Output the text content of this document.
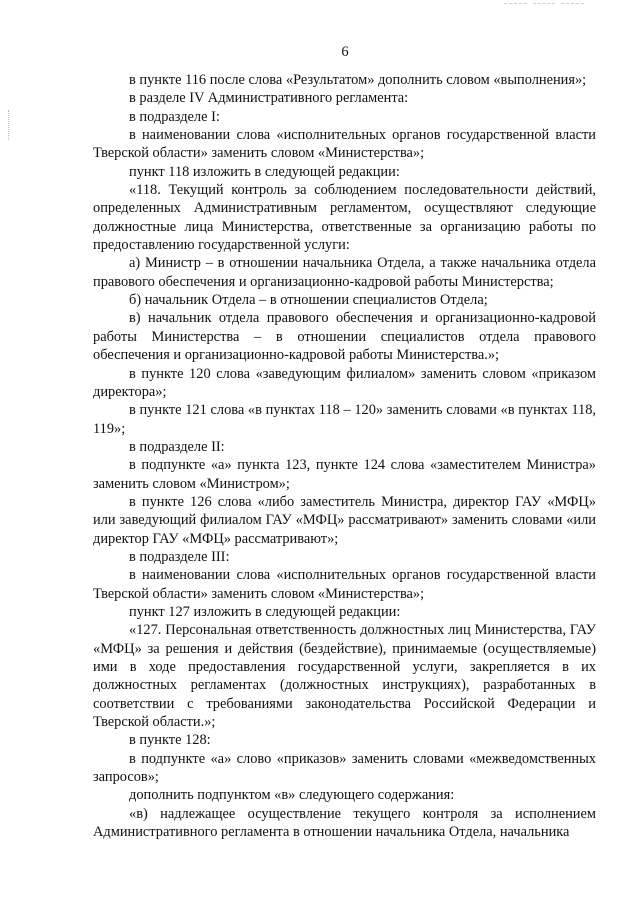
6

в пункте 116 после слова «Результатом» дополнить словом «выполнения»;

в разделе IV Административного регламента:

в подразделе I:

в наименовании слова «исполнительных органов государственной власти Тверской области» заменить словом «Министерства»;

пункт 118 изложить в следующей редакции:

«118. Текущий контроль за соблюдением последовательности действий, определенных Административным регламентом, осуществляют следующие должностные лица Министерства, ответственные за организацию работы по предоставлению государственной услуги:

а) Министр – в отношении начальника Отдела, а также начальника отдела правового обеспечения и организационно-кадровой работы Министерства;

б) начальник Отдела – в отношении специалистов Отдела;

в) начальник отдела правового обеспечения и организационно-кадровой работы Министерства – в отношении специалистов отдела правового обеспечения и организационно-кадровой работы Министерства.»;

в пункте 120 слова «заведующим филиалом» заменить словом «приказом директора»;

в пункте 121 слова «в пунктах 118 – 120» заменить словами «в пунктах 118, 119»;

в подразделе II:

в подпункте «а» пункта 123, пункте 124 слова «заместителем Министра» заменить словом «Министром»;

в пункте 126 слова «либо заместитель Министра, директор ГАУ «МФЦ» или заведующий филиалом ГАУ «МФЦ» рассматривают» заменить словами «или директор ГАУ «МФЦ» рассматривают»;

в подразделе III:

в наименовании слова «исполнительных органов государственной власти Тверской области» заменить словом «Министерства»;

пункт 127 изложить в следующей редакции:

«127. Персональная ответственность должностных лиц Министерства, ГАУ «МФЦ» за решения и действия (бездействие), принимаемые (осуществляемые) ими в ходе предоставления государственной услуги, закрепляется в их должностных регламентах (должностных инструкциях), разработанных в соответствии с требованиями законодательства Российской Федерации и Тверской области.»;

в пункте 128:

в подпункте «а» слово «приказов» заменить словами «межведомственных запросов»;

дополнить подпунктом «в» следующего содержания:

«в) надлежащее осуществление текущего контроля за исполнением Административного регламента в отношении начальника Отдела, начальника
